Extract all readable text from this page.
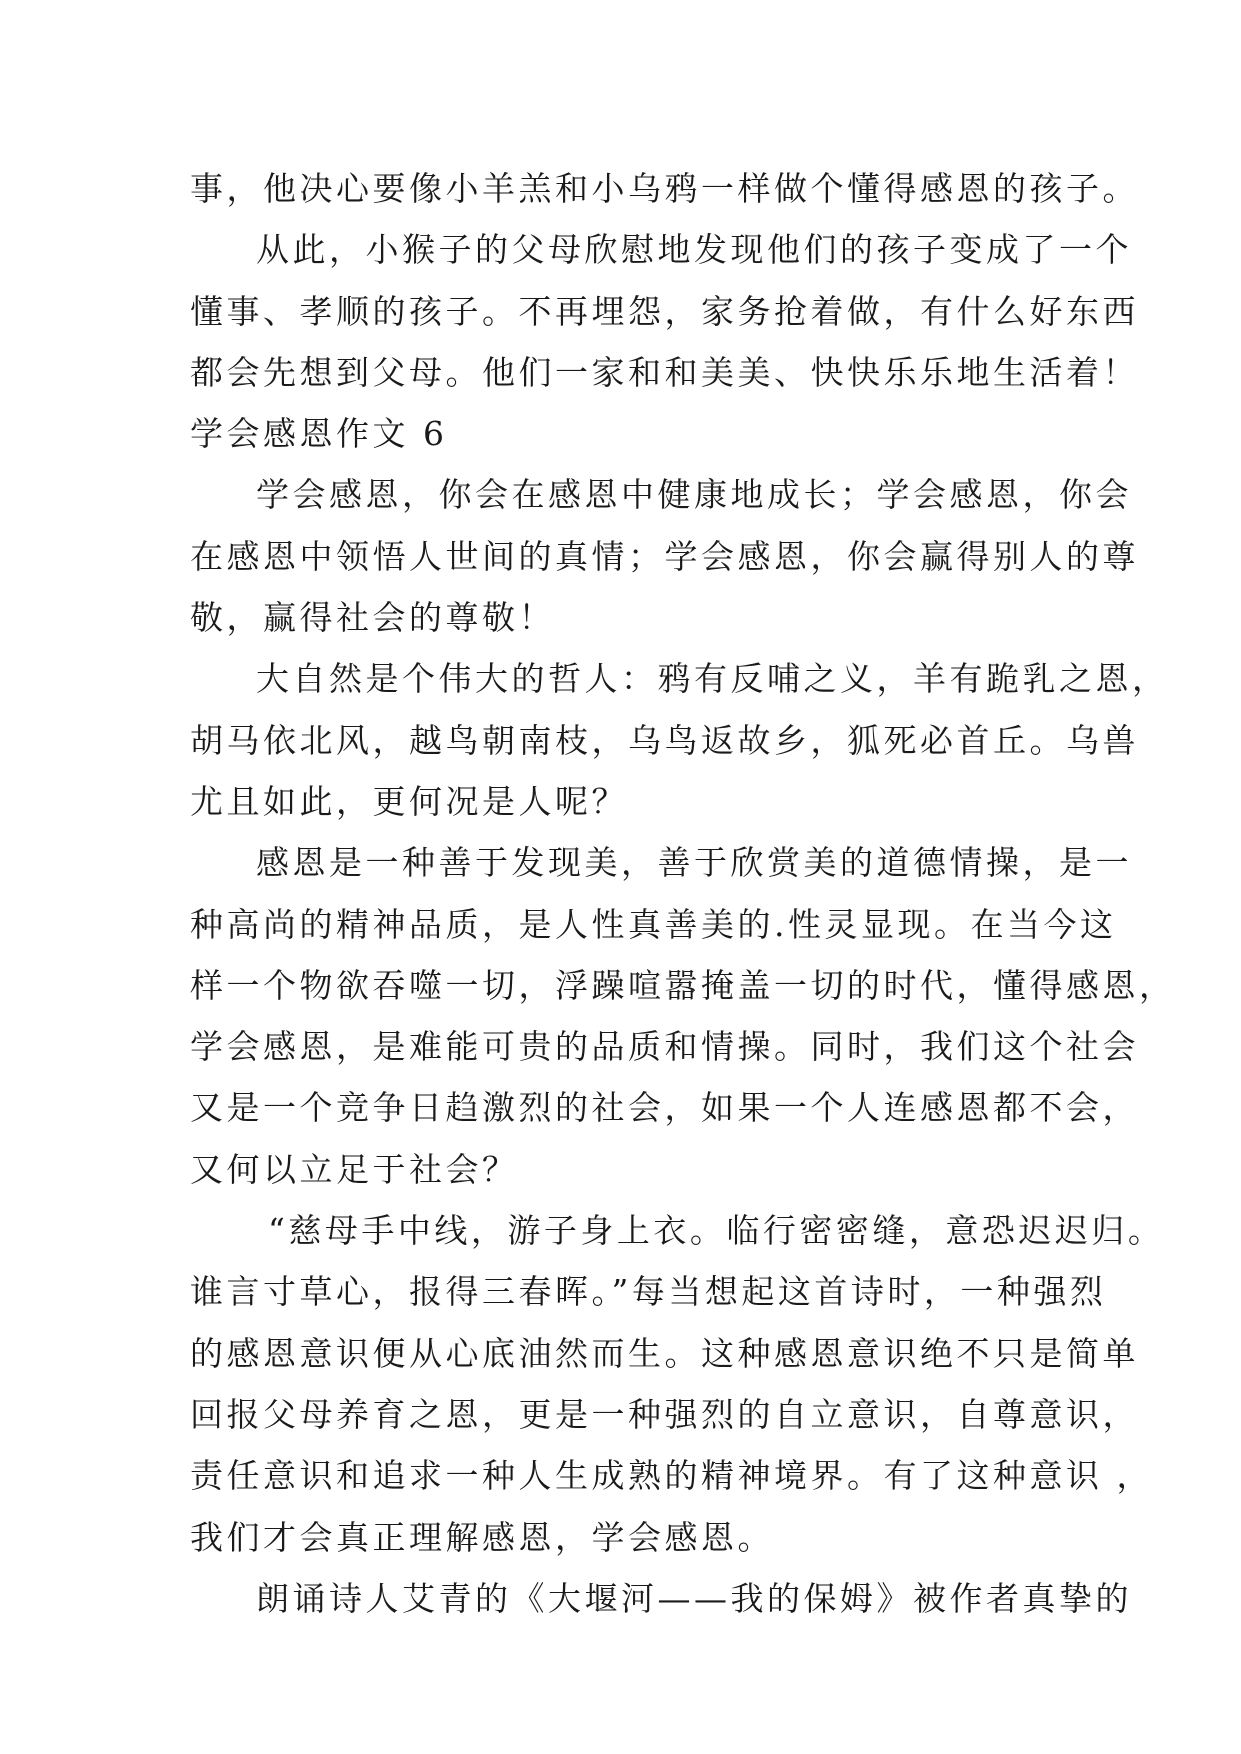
事，他决心要像小羊羔和小乌鸦一样做个懂得感恩的孩子。
从此，小猴子的父母欣慰地发现他们的孩子变成了一个
懂事、孝顺的孩子。不再埋怨，家务抢着做，有什么好东西
都会先想到父母。他们一家和和美美、快快乐乐地生活着！
学会感恩作文 6
学会感恩，你会在感恩中健康地成长；学会感恩，你会
在感恩中领悟人世间的真情；学会感恩，你会赢得别人的尊
敬，赢得社会的尊敬！
大自然是个伟大的哲人：鸦有反哺之义，羊有跪乳之恩，
胡马依北风，越鸟朝南枝，乌鸟返故乡，狐死必首丘。乌兽
尤且如此，更何况是人呢？
感恩是一种善于发现美，善于欣赏美的道德情操，是一
种高尚的精神品质，是人性真善美的.性灵显现。在当今这
样一个物欲吞噬一切，浮躁喧嚣掩盖一切的时代，懂得感恩，
学会感恩，是难能可贵的品质和情操。同时，我们这个社会
又是一个竞争日趋激烈的社会，如果一个人连感恩都不会，
又何以立足于社会？
“慈母手中线，游子身上衣。临行密密缝，意恐迟迟归。
谁言寸草心，报得三春晖。”每当想起这首诗时，一种强烈
的感恩意识便从心底油然而生。这种感恩意识绝不只是简单
回报父母养育之恩，更是一种强烈的自立意识，自尊意识，
责任意识和追求一种人生成熟的精神境界。有了这种意识 ，
我们才会真正理解感恩，学会感恩。
朗诵诗人艾青的《大堰河——我的保姆》被作者真挚的
